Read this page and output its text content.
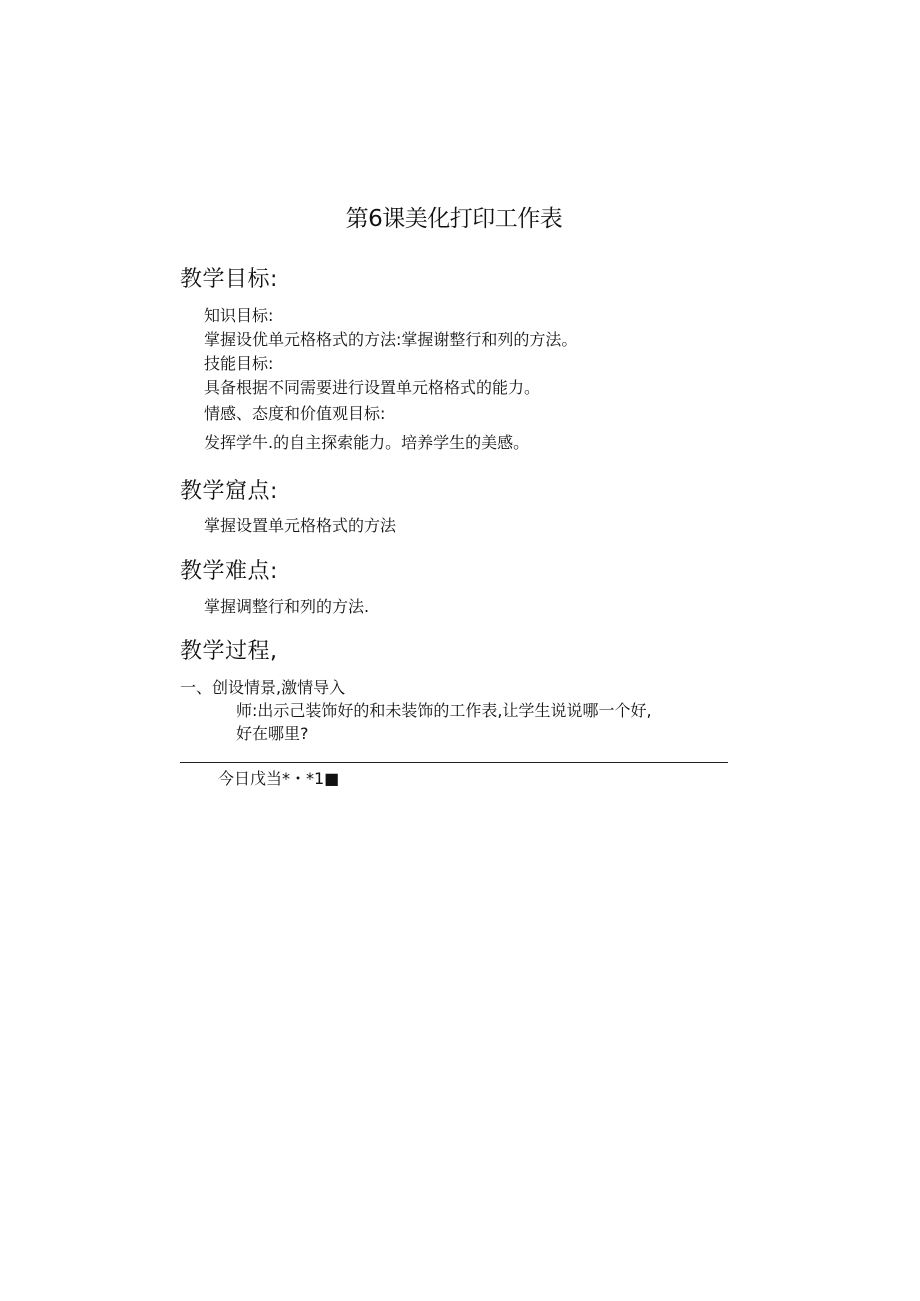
第6课美化打印工作表
教学目标:
知识目标:
掌握设优单元格格式的方法:掌握谢整行和列的方法。
技能目标:
具备根据不同需要进行设置单元格格式的能力。
情感、态度和价值观目标:
发挥学牛.的自主探索能力。培养学生的美感。
教学窟点:
掌握设置单元格格式的方法
教学难点:
掌握调整行和列的方法.
教学过程,
一、创设情景,激情导入
师:出示己装饰好的和未装饰的工作表,让学生说说哪一个好,
好在哪里?
今日戊当*・*1■
